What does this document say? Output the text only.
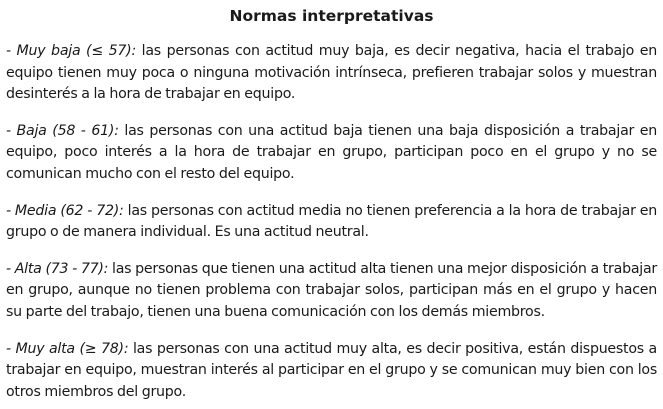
Normas interpretativas

- Muy baja (≤ 57): las personas con actitud muy baja, es decir negativa, hacia el trabajo en equipo tienen muy poca o ninguna motivación intrínseca, prefieren trabajar solos y muestran desinterés a la hora de trabajar en equipo.

- Baja (58 - 61): las personas con una actitud baja tienen una baja disposición a trabajar en equipo, poco interés a la hora de trabajar en grupo, participan poco en el grupo y no se comunican mucho con el resto del equipo.

- Media (62 - 72): las personas con actitud media no tienen preferencia a la hora de trabajar en grupo o de manera individual. Es una actitud neutral.

- Alta (73 - 77): las personas que tienen una actitud alta tienen una mejor disposición a trabajar en grupo, aunque no tienen problema con trabajar solos, participan más en el grupo y hacen su parte del trabajo, tienen una buena comunicación con los demás miembros.

- Muy alta (≥ 78): las personas con una actitud muy alta, es decir positiva, están dispuestos a trabajar en equipo, muestran interés al participar en el grupo y se comunican muy bien con los otros miembros del grupo.
